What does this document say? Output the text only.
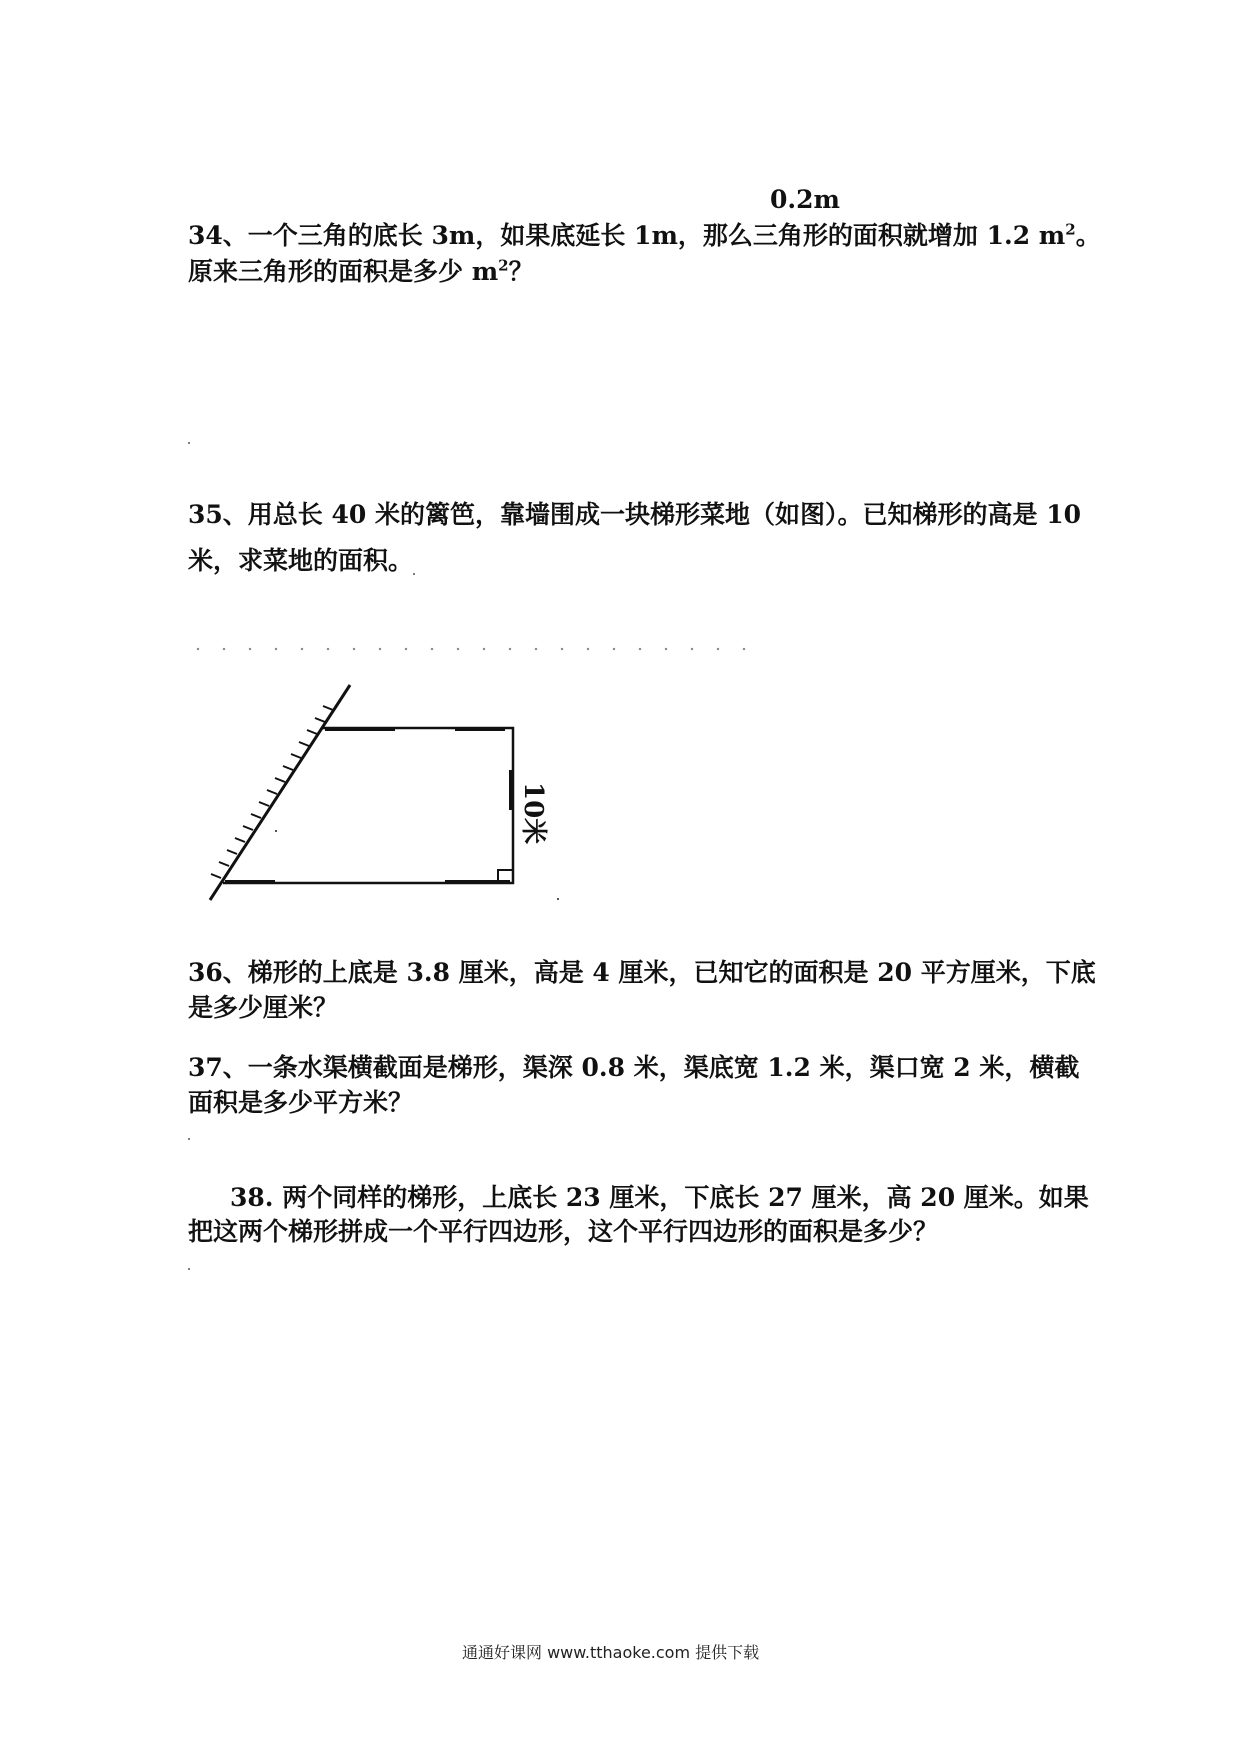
0.2m
34、一个三角的底长 3m，如果底延长 1m，那么三角形的面积就增加 1.2 $m^2$。
原来三角形的面积是多少 $m^2$？
35、用总长 40 米的篱笆，靠墙围成一块梯形菜地（如图）。已知梯形的高是 10
米，求菜地的面积。
10米
36、梯形的上底是 3.8 厘米，高是 4 厘米，已知它的面积是 20 平方厘米，下底
是多少厘米？
37、一条水渠横截面是梯形，渠深 0.8 米，渠底宽 1.2 米，渠口宽 2 米，横截
面积是多少平方米？
38. 两个同样的梯形，上底长 23 厘米，下底长 27 厘米，高 20 厘米。如果
把这两个梯形拼成一个平行四边形，这个平行四边形的面积是多少？
通通好课网 www.tthaoke.com 提供下载
